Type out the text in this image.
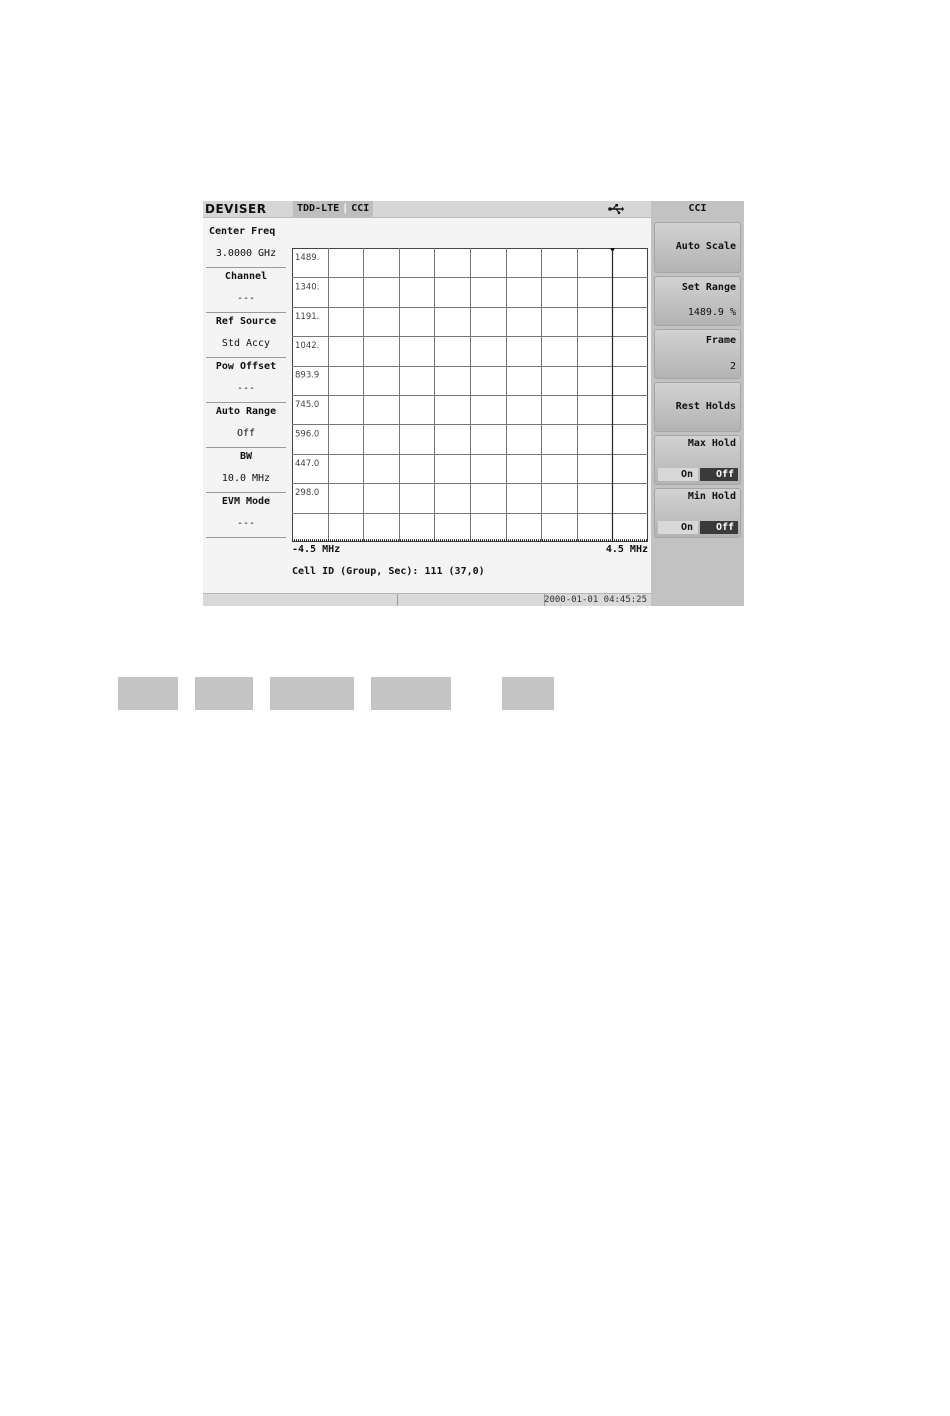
DEVISER	TDD-LTE | CCI
Center Freq
3.0000 GHz
Channel
---
Ref Source
Std Accy
Pow Offset
---
Auto Range
Off
BW
10.0 MHz
EVM Mode
---
1489.
1340.
1191.
1042.
893.9
745.0
596.0
447.0
298.0
-4.5 MHz	4.5 MHz
Cell ID (Group, Sec): 111 (37,0)
2000-01-01 04:45:25
CCI
Auto Scale
Set Range
1489.9 %
Frame
2
Rest Holds
Max Hold
On	Off
Min Hold
On	Off
